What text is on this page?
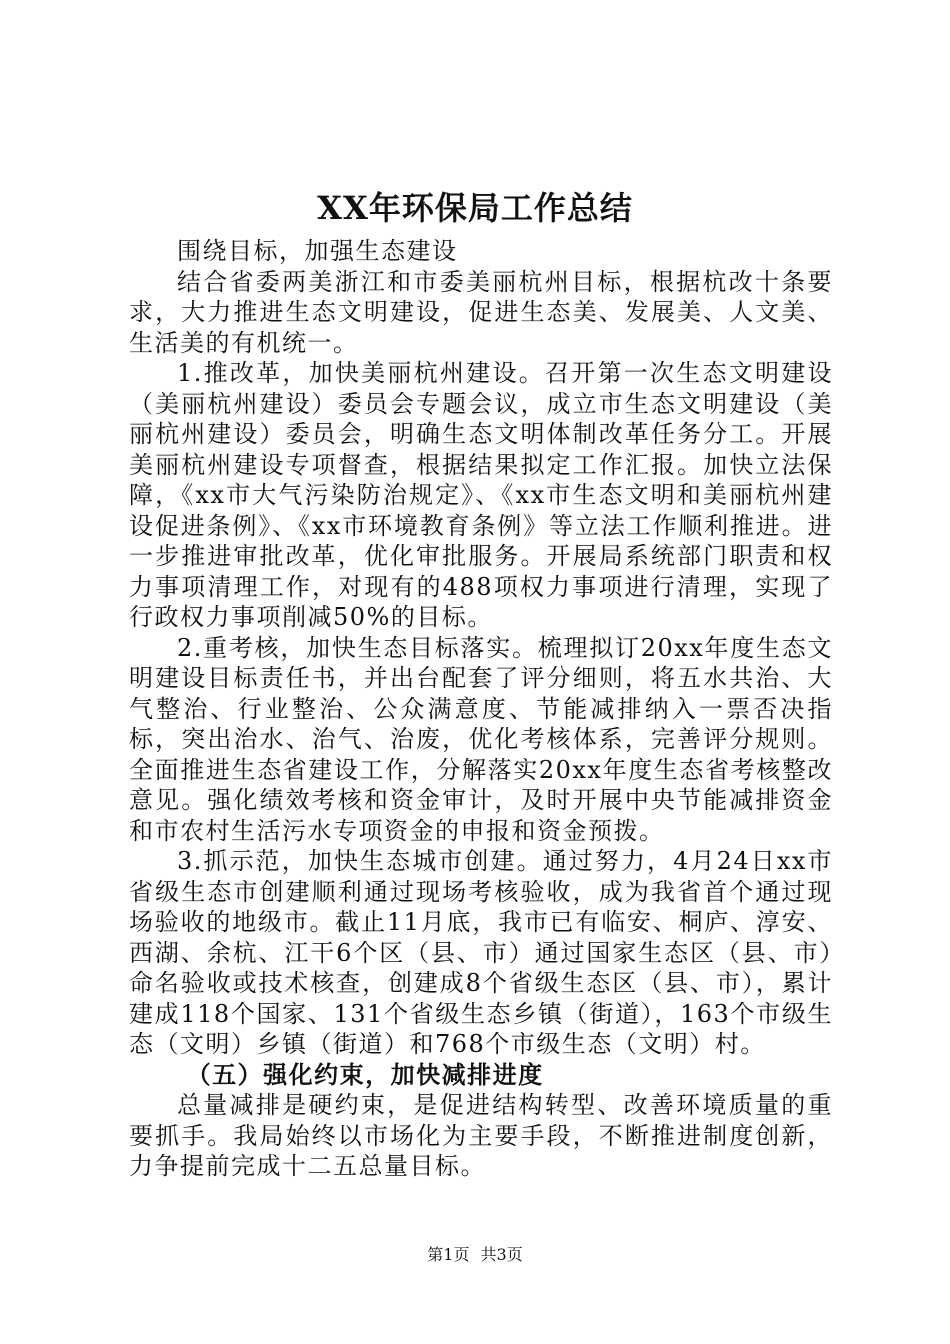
XX年环保局工作总结

围绕目标，加强生态建设

结合省委两美浙江和市委美丽杭州目标，根据杭改十条要求，大力推进生态文明建设，促进生态美、发展美、人文美、生活美的有机统一。

1.推改革，加快美丽杭州建设。召开第一次生态文明建设（美丽杭州建设）委员会专题会议，成立市生态文明建设（美丽杭州建设）委员会，明确生态文明体制改革任务分工。开展美丽杭州建设专项督查，根据结果拟定工作汇报。加快立法保障，《xx市大气污染防治规定》、《xx市生态文明和美丽杭州建设促进条例》、《xx市环境教育条例》等立法工作顺利推进。进一步推进审批改革，优化审批服务。开展局系统部门职责和权力事项清理工作，对现有的488项权力事项进行清理，实现了行政权力事项削减50%的目标。

2.重考核，加快生态目标落实。梳理拟订20xx年度生态文明建设目标责任书，并出台配套了评分细则，将五水共治、大气整治、行业整治、公众满意度、节能减排纳入一票否决指标，突出治水、治气、治废，优化考核体系，完善评分规则。全面推进生态省建设工作，分解落实20xx年度生态省考核整改意见。强化绩效考核和资金审计，及时开展中央节能减排资金和市农村生活污水专项资金的申报和资金预拨。

3.抓示范，加快生态城市创建。通过努力，4月24日xx市省级生态市创建顺利通过现场考核验收，成为我省首个通过现场验收的地级市。截止11月底，我市已有临安、桐庐、淳安、西湖、余杭、江干6个区（县、市）通过国家生态区（县、市）命名验收或技术核查，创建成8个省级生态区（县、市），累计建成118个国家、131个省级生态乡镇（街道），163个市级生态（文明）乡镇（街道）和768个市级生态（文明）村。

（五）强化约束，加快减排进度

总量减排是硬约束，是促进结构转型、改善环境质量的重要抓手。我局始终以市场化为主要手段，不断推进制度创新，力争提前完成十二五总量目标。

第1页 共3页
